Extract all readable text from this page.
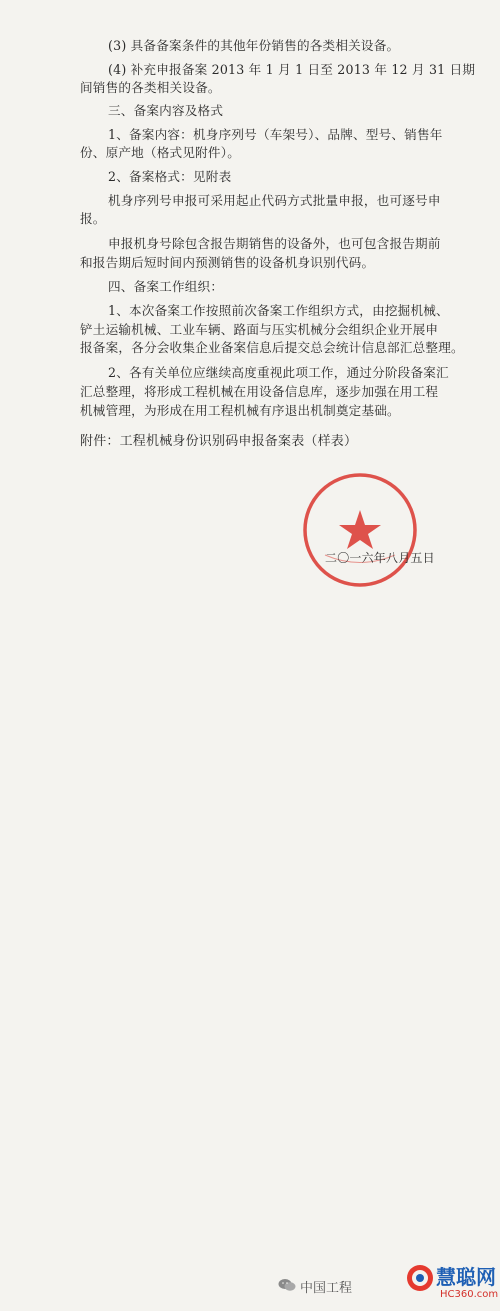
(3) 具备备案条件的其他年份销售的各类相关设备。
(4) 补充申报备案 2013 年 1 月 1 日至 2013 年 12 月 31 日期
间销售的各类相关设备。
三、备案内容及格式
1、备案内容：机身序列号（车架号）、品牌、型号、销售年
份、原产地（格式见附件）。
2、备案格式：见附表
机身序列号申报可采用起止代码方式批量申报，也可逐号申
报。
申报机身号除包含报告期销售的设备外，也可包含报告期前
和报告期后短时间内预测销售的设备机身识别代码。
四、备案工作组织：
1、本次备案工作按照前次备案工作组织方式，由挖掘机械、
铲土运输机械、工业车辆、路面与压实机械分会组织企业开展申
报备案，各分会收集企业备案信息后提交总会统计信息部汇总整理。
2、各有关单位应继续高度重视此项工作，通过分阶段备案汇
汇总整理，将形成工程机械在用设备信息库，逐步加强在用工程
机械管理，为形成在用工程机械有序退出机制奠定基础。
附件：工程机械身份识别码申报备案表（样表）
二〇一六年八月五日
中国工程	慧聪网
HC360.com
